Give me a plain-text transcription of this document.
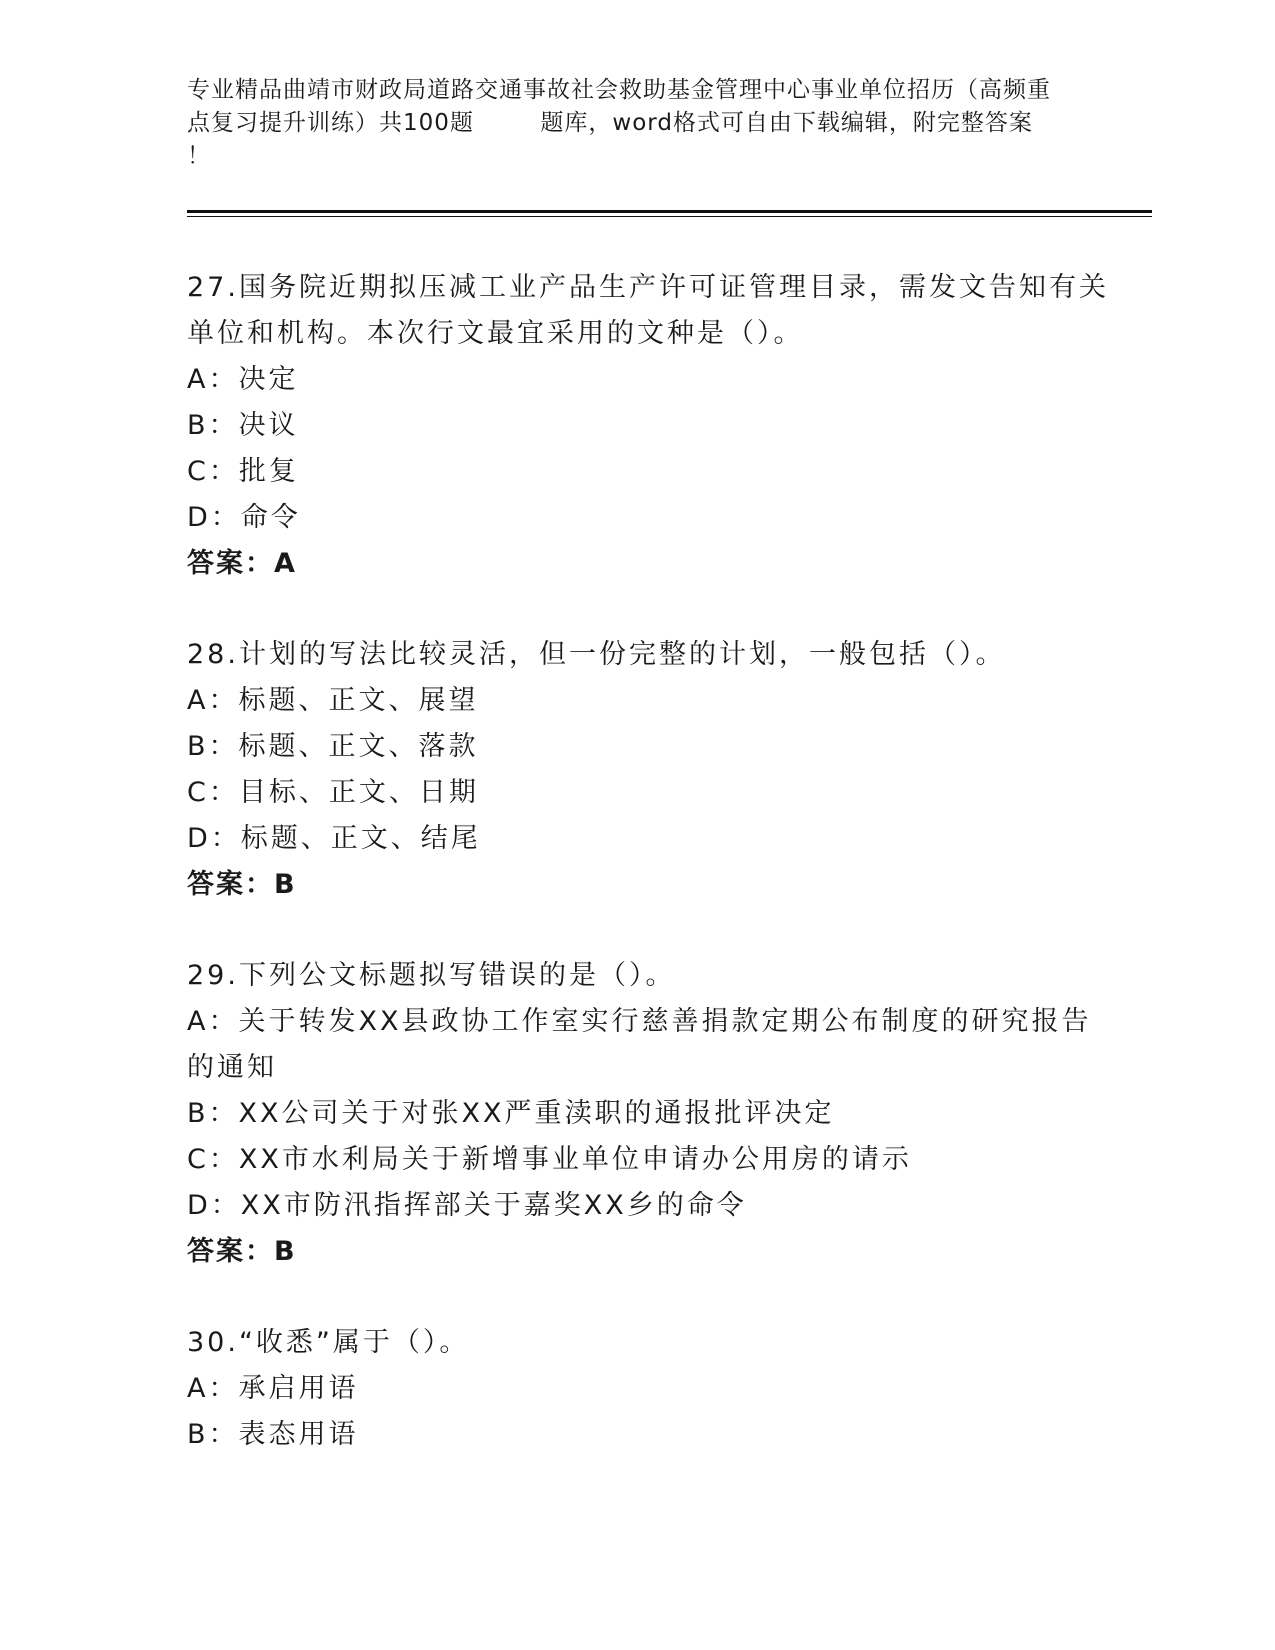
专业精品曲靖市财政局道路交通事故社会救助基金管理中心事业单位招历（高频重
点复习提升训练）共100题        题库，word格式可自由下载编辑，附完整答案
！
27.国务院近期拟压减工业产品生产许可证管理目录，需发文告知有关
单位和机构。本次行文最宜采用的文种是（）。
A：决定
B：决议
C：批复
D：命令
答案：A
28.计划的写法比较灵活，但一份完整的计划，一般包括（）。
A：标题、正文、展望
B：标题、正文、落款
C：目标、正文、日期
D：标题、正文、结尾
答案：B
29.下列公文标题拟写错误的是（）。
A：关于转发XX县政协工作室实行慈善捐款定期公布制度的研究报告
的通知
B：XX公司关于对张XX严重渎职的通报批评决定
C：XX市水利局关于新增事业单位申请办公用房的请示
D：XX市防汛指挥部关于嘉奖XX乡的命令
答案：B
30.“收悉”属于（）。
A：承启用语
B：表态用语
